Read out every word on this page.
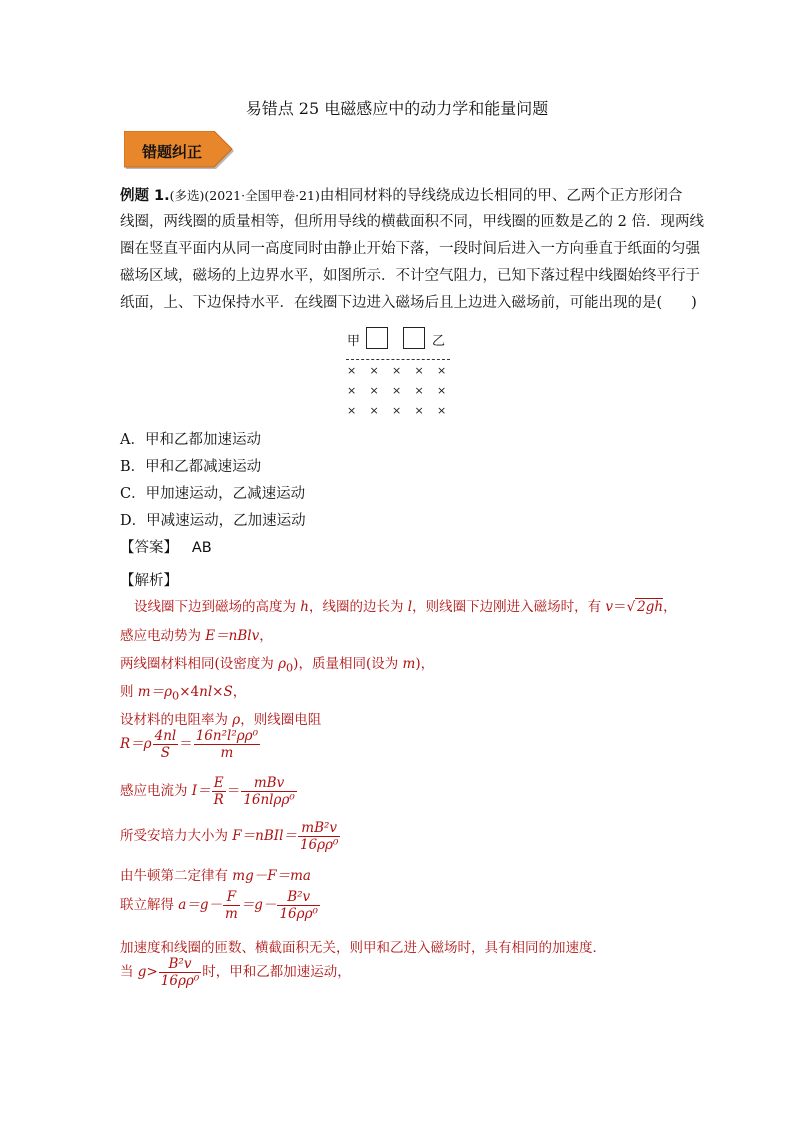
易错点 25 电磁感应中的动力学和能量问题
错题纠正
例题 1.(多选)(2021·全国甲卷·21)由相同材料的导线绕成边长相同的甲、乙两个正方形闭合
线圈，两线圈的质量相等，但所用导线的横截面积不同，甲线圈的匝数是乙的 2 倍．现两线
圈在竖直平面内从同一高度同时由静止开始下落，一段时间后进入一方向垂直于纸面的匀强
磁场区域，磁场的上边界水平，如图所示．不计空气阻力，已知下落过程中线圈始终平行于
纸面，上、下边保持水平．在线圈下边进入磁场后且上边进入磁场前，可能出现的是(　　)
甲	乙
× × × × ×
× × × × ×
× × × × ×
A．甲和乙都加速运动
B．甲和乙都减速运动
C．甲加速运动，乙减速运动
D．甲减速运动，乙加速运动
【答案】 AB
【解析】
设线圈下边到磁场的高度为 h，线圈的边长为 l，则线圈下边刚进入磁场时，有 v＝√ 2gh，
感应电动势为 E＝nBlv，
两线圈材料相同(设密度为 $\rho_0$)，质量相同(设为 m)，
则 $m=\rho_0\times 4nl\times S$，
设材料的电阻率为 ρ，则线圈电阻
$R=\rho \frac{4nl}{S} = \frac{\text{16n²l²ρρ⁰}}{m}$
感应电流为 $I= \frac{E}{R} = \frac{\text{mBv}}{\text{16nlρρ⁰}}$
所受安培力大小为 F＝nBIl＝ $\frac{\text{mB²v}}{\text{16ρρ⁰}}$
由牛顿第二定律有 mg－F＝ma
联立解得 $a=g- \frac{F}{m} =g- \frac{\text{B²v}}{\text{16ρρ⁰}}$
加速度和线圈的匝数、横截面积无关，则甲和乙进入磁场时，具有相同的加速度．
当 $g> \frac{\text{B²v}}{\text{16ρρ⁰}}$ 时，甲和乙都加速运动，
